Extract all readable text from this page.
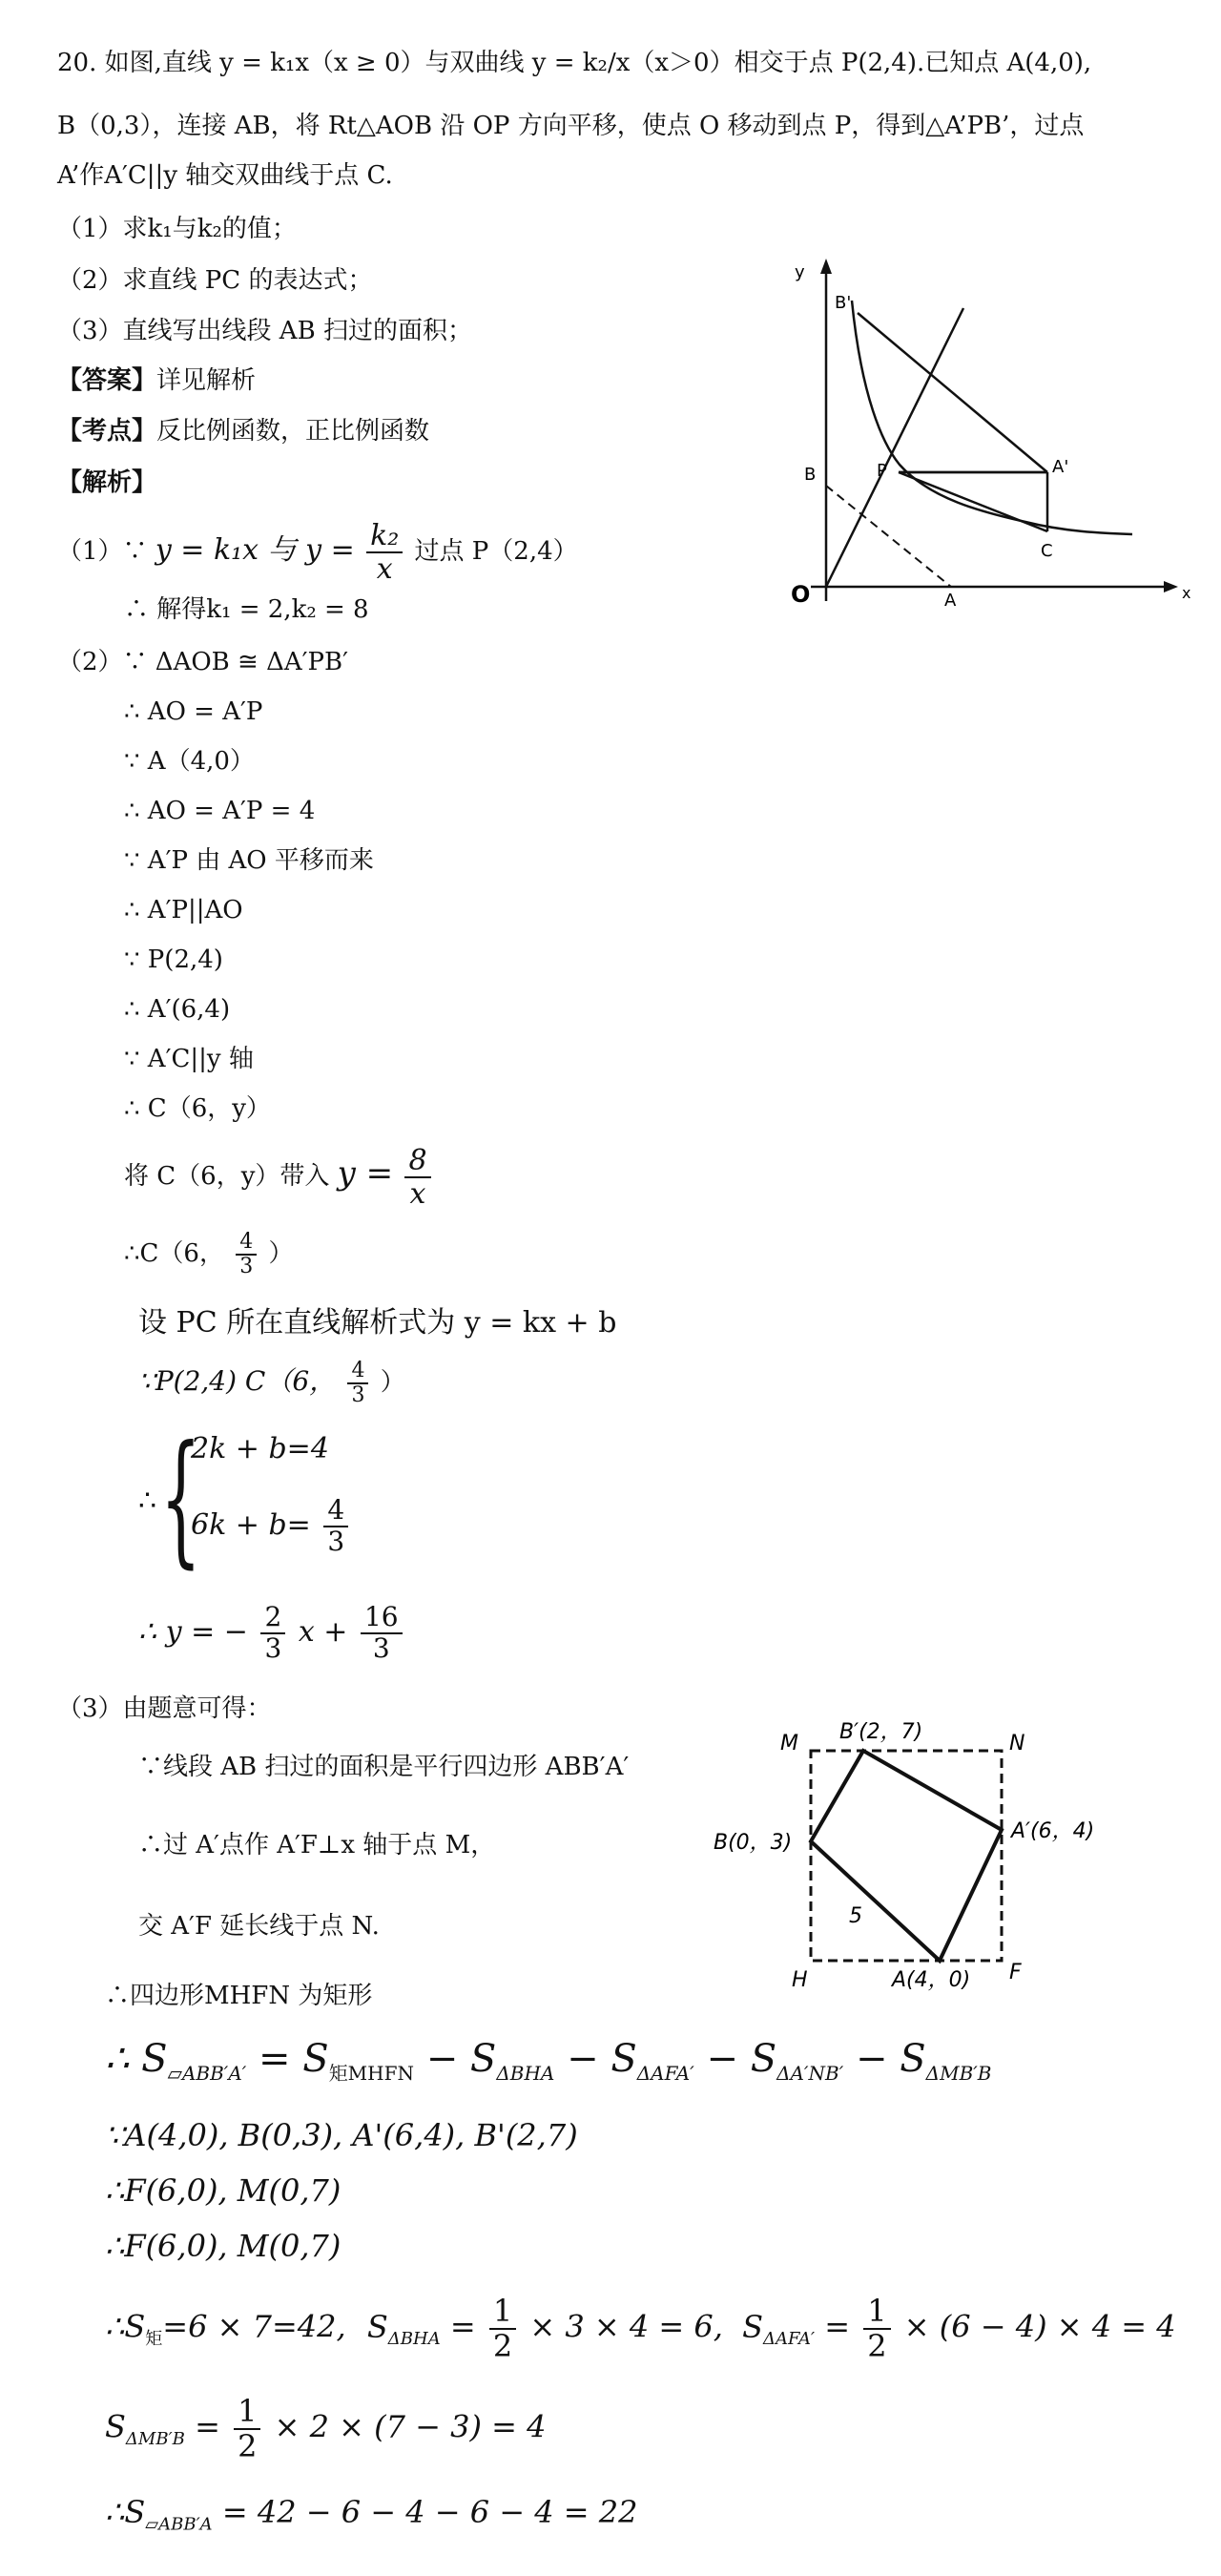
20. 如图,直线 y = k₁x（x ≥ 0）与双曲线 y = k₂/x（x＞0）相交于点 P(2,4).已知点 A(4,0),
B（0,3），连接 AB，将 Rt△AOB 沿 OP 方向平移，使点 O 移动到点 P，得到△A’PB’，过点
A’作A′C||y 轴交双曲线于点 C.
（1）求k₁与k₂的值；
（2）求直线 PC 的表达式；
（3）直线写出线段 AB 扫过的面积；
【答案】详见解析
【考点】反比例函数，正比例函数
【解析】
y
x
O
B'
P	A'
B
C
A
（1）∵ y = k₁x 与 $y = \frac{\text{k₂}}{x}$ 过点 P（2,4）
∴ 解得k₁ = 2,k₂ = 8
（2）∵ ΔAOB ≅ ΔA′PB′
∴ AO = A′P
∵ A（4,0）
∴ AO = A′P = 4
∵ A′P 由 AO 平移而来
∴ A′P||AO
∵ P(2,4)
∴ A′(6,4)
∵ A′C||y 轴
∴ C（6，y）
将 C（6，y）带入 $y = \frac{8}{x}$
∴C（6， $\frac{4}{3}$ ）
设 PC 所在直线解析式为 y = kx + b
∵P(2,4) C（6， $\frac{4}{3}$ ）
∴ {
2k + b=4
$6k + b= \frac{4}{3}$
∴ y = − $\frac{2}{3}$ $x + \frac{16}{3}$
（3）由题意可得：
∵线段 AB 扫过的面积是平行四边形 ABB′A′
∴过 A′点作 A′F⊥x 轴于点 M，
交 A′F 延长线于点 N.
M B′(2，7)	N
B(0，3)	A′(6，4)
5
H	A(4，0) F
∴四边形MHFN 为矩形
∴ $S_{▱ABB'A'} = S_{矩MHFN} - S_{\Delta BHA} - S_{\Delta AFA'} - S_{\Delta A'NB'} - S_{\Delta MB'B}$
∵A(4,0), B(0,3), A'(6,4), B'(2,7)
∴F(6,0), M(0,7)
∴F(6,0), M(0,7)
$\therefore S_矩=6 \times 7=42$, $S_{\Delta BHA} = \frac{1}{2} \times 3 \times 4 = 6$, $S_{\Delta AFA'} = \frac{1}{2} \times (6 - 4) \times 4 = 4$
$S_{\Delta MB'B} = \frac{1}{2} \times 2 \times (7 - 3) = 4$
$\therefore S_{▱ABB'A} = 42 - 6 - 4 - 6 - 4 = 22$
